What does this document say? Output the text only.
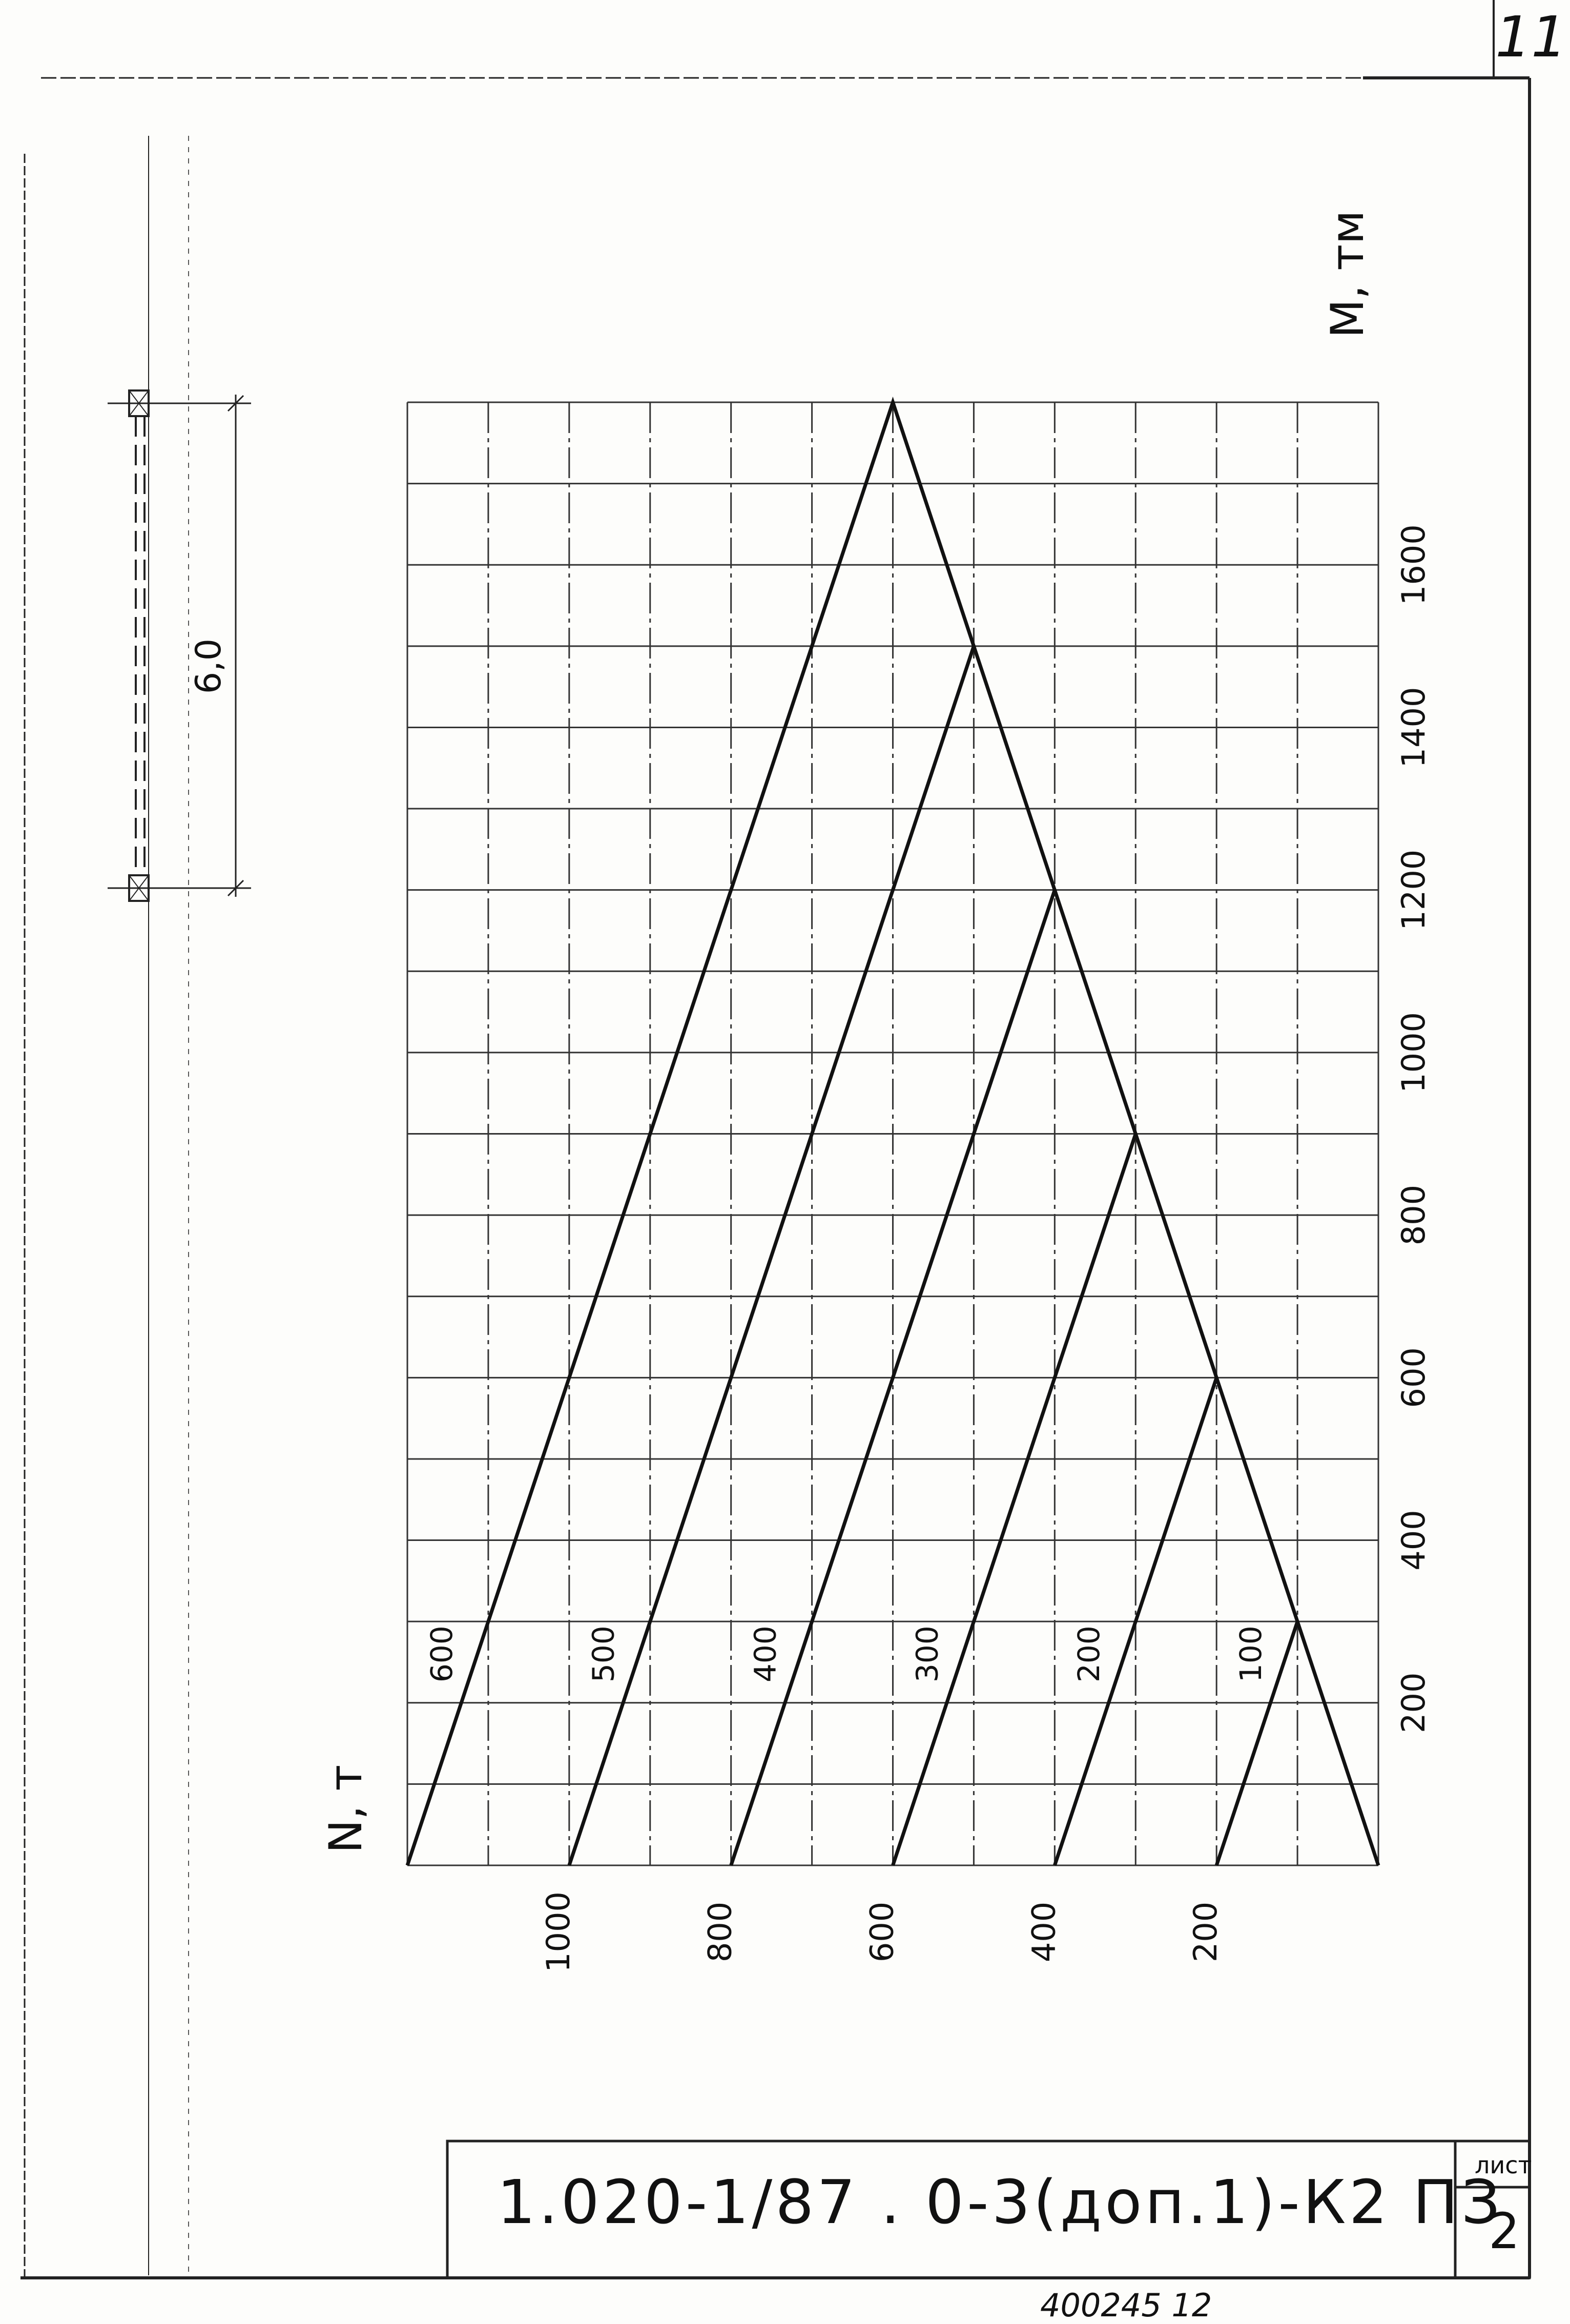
11
6,0
1000	800	600	400	200
200
400
600
800
1000
1200
1400
1600
600	500	400	300	200	100
N, т
M, тм
1.020-1/87 . 0-3(доп.1)-К2 ПЗ
лист
2
400245 12
